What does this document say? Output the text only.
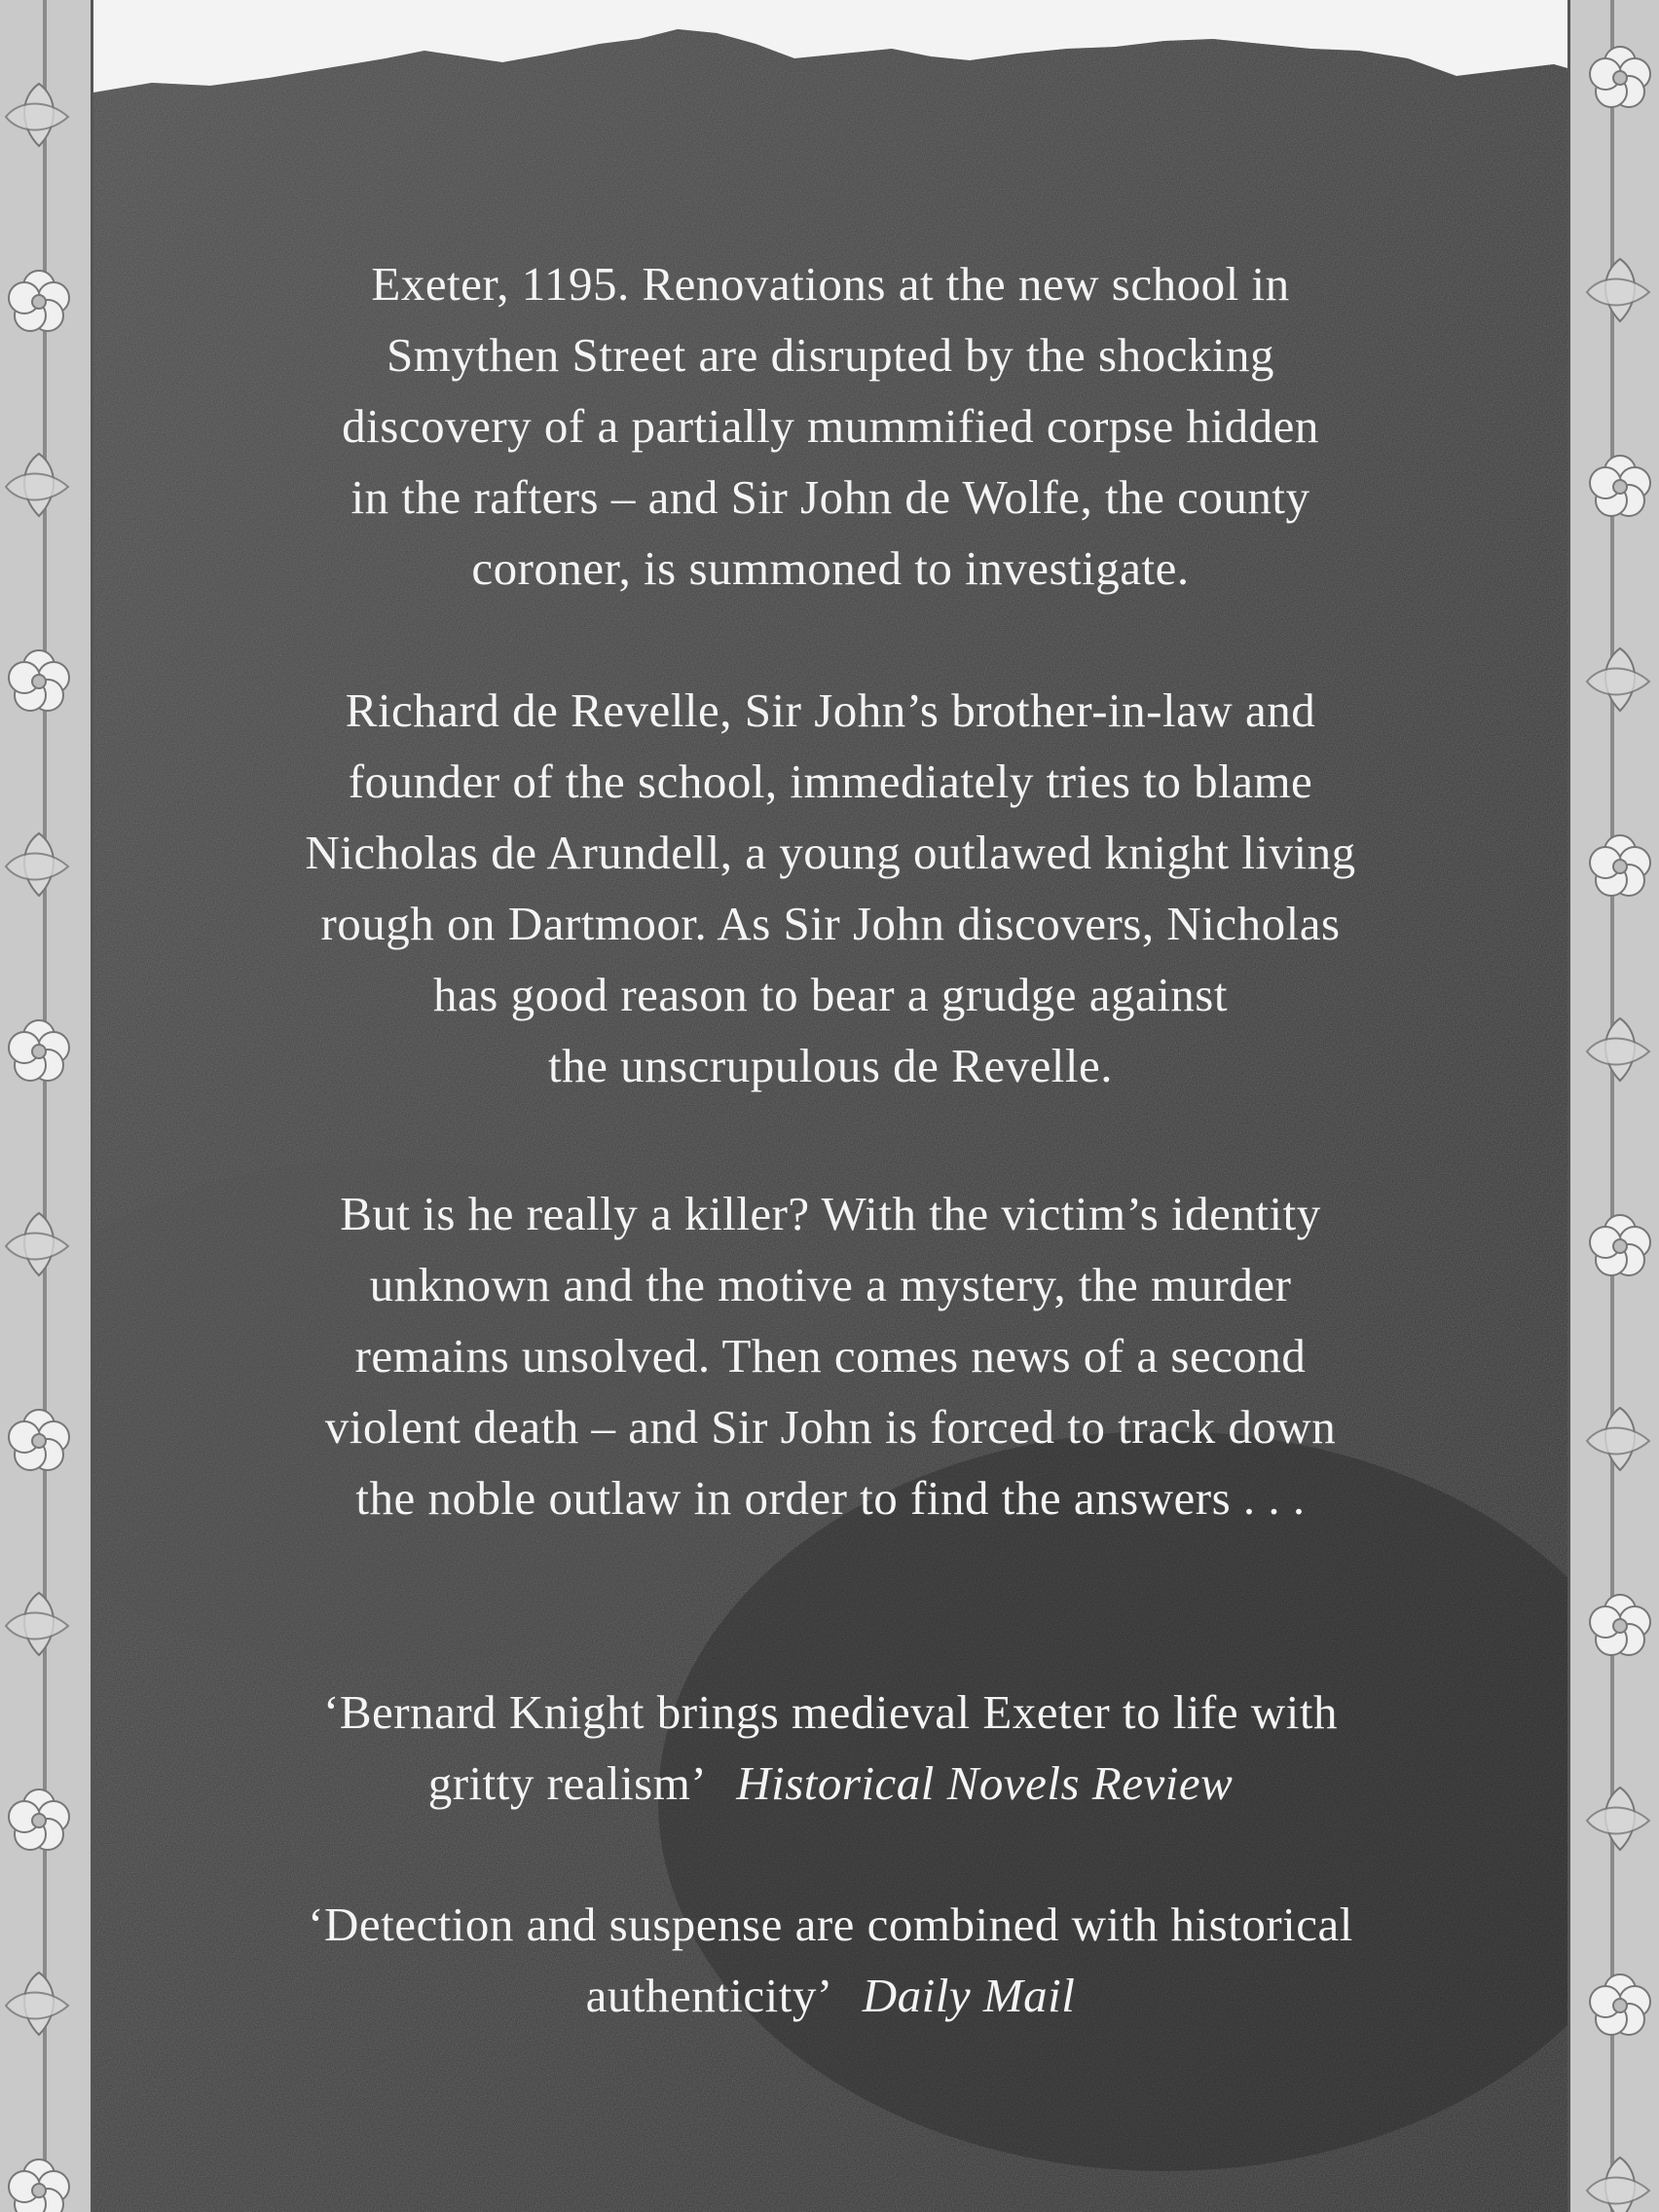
Exeter, 1195. Renovations at the new school in
Smythen Street are disrupted by the shocking
discovery of a partially mummified corpse hidden
in the rafters – and Sir John de Wolfe, the county
coroner, is summoned to investigate.
Richard de Revelle, Sir John’s brother-in-law and
founder of the school, immediately tries to blame
Nicholas de Arundell, a young outlawed knight living
rough on Dartmoor. As Sir John discovers, Nicholas
has good reason to bear a grudge against
the unscrupulous de Revelle.
But is he really a killer? With the victim’s identity
unknown and the motive a mystery, the murder
remains unsolved. Then comes news of a second
violent death – and Sir John is forced to track down
the noble outlaw in order to find the answers . . .
‘Bernard Knight brings medieval Exeter to life with
gritty realism’ Historical Novels Review
‘Detection and suspense are combined with historical
authenticity’ Daily Mail
